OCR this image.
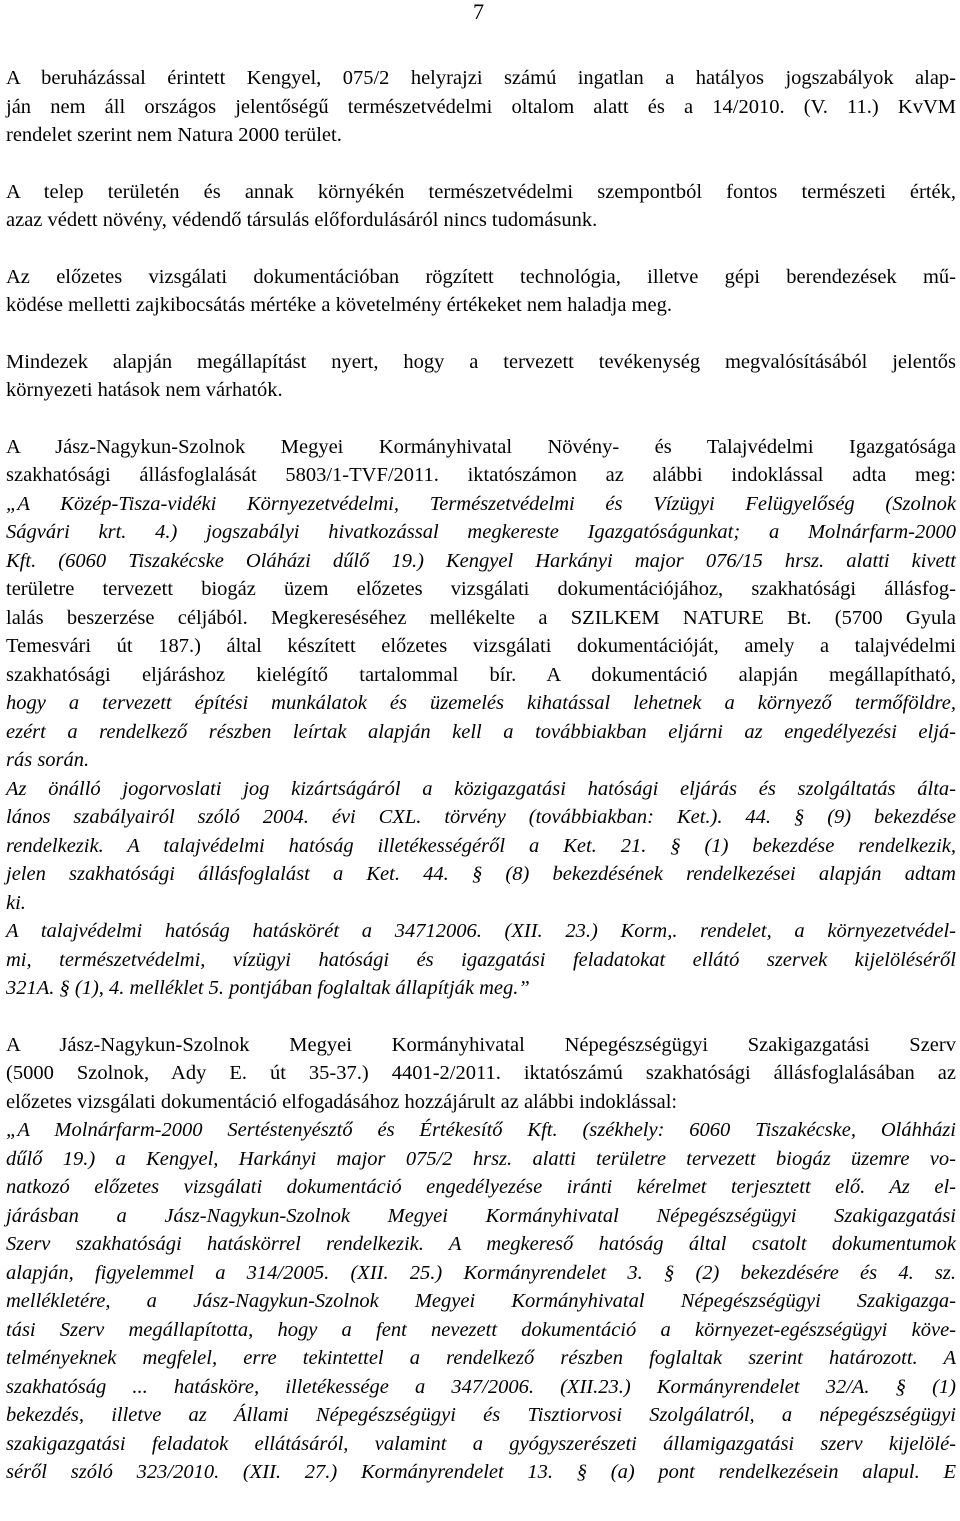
7
A beruházással érintett Kengyel, 075/2 helyrajzi számú ingatlan a hatályos jogszabályok alap-
ján nem áll országos jelentőségű természetvédelmi oltalom alatt és a 14/2010. (V. 11.) KvVM
rendelet szerint nem Natura 2000 terület.
A telep területén és annak környékén természetvédelmi szempontból fontos természeti érték,
azaz védett növény, védendő társulás előfordulásáról nincs tudomásunk.
Az előzetes vizsgálati dokumentációban rögzített technológia, illetve gépi berendezések mű-
ködése melletti zajkibocsátás mértéke a követelmény értékeket nem haladja meg.
Mindezek alapján megállapítást nyert, hogy a tervezett tevékenység megvalósításából jelentős
környezeti hatások nem várhatók.
A Jász-Nagykun-Szolnok Megyei Kormányhivatal Növény- és Talajvédelmi Igazgatósága
szakhatósági állásfoglalását 5803/1-TVF/2011. iktatószámon az alábbi indoklással adta meg:
„A Közép-Tisza-vidéki Környezetvédelmi, Természetvédelmi és Vízügyi Felügyelőség (Szolnok
Ságvári krt. 4.) jogszabályi hivatkozással megkereste Igazgatóságunkat; a Molnárfarm-2000
Kft. (6060 Tiszakécske Oláházi dűlő 19.) Kengyel Harkányi major 076/15 hrsz. alatti kivett
területre tervezett biogáz üzem előzetes vizsgálati dokumentációjához, szakhatósági állásfog-
lalás beszerzése céljából. Megkereséséhez mellékelte a SZILKEM NATURE Bt. (5700 Gyula
Temesvári út 187.) által készített előzetes vizsgálati dokumentációját, amely a talajvédelmi
szakhatósági eljáráshoz kielégítő tartalommal bír. A dokumentáció alapján megállapítható,
hogy a tervezett építési munkálatok és üzemelés kihatással lehetnek a környező termőföldre,
ezért a rendelkező részben leírtak alapján kell a továbbiakban eljárni az engedélyezési eljá-
rás során.
Az önálló jogorvoslati jog kizártságáról a közigazgatási hatósági eljárás és szolgáltatás álta-
lános szabályairól szóló 2004. évi CXL. törvény (továbbiakban: Ket.). 44. § (9) bekezdése
rendelkezik. A talajvédelmi hatóság illetékességéről a Ket. 21. § (1) bekezdése rendelkezik,
jelen szakhatósági állásfoglalást a Ket. 44. § (8) bekezdésének rendelkezései alapján adtam
ki.
A talajvédelmi hatóság hatáskörét a 34712006. (XII. 23.) Korm,. rendelet, a környezetvédel-
mi, természetvédelmi, vízügyi hatósági és igazgatási feladatokat ellátó szervek kijelöléséről
321A. § (1), 4. melléklet 5. pontjában foglaltak állapítják meg.”
A Jász-Nagykun-Szolnok Megyei Kormányhivatal Népegészségügyi Szakigazgatási Szerv
(5000 Szolnok, Ady E. út 35-37.) 4401-2/2011. iktatószámú szakhatósági állásfoglalásában az
előzetes vizsgálati dokumentáció elfogadásához hozzájárult az alábbi indoklással:
„A Molnárfarm-2000 Sertéstenyésztő és Értékesítő Kft. (székhely: 6060 Tiszakécske, Oláhházi
dűlő 19.) a Kengyel, Harkányi major 075/2 hrsz. alatti területre tervezett biogáz üzemre vo-
natkozó előzetes vizsgálati dokumentáció engedélyezése iránti kérelmet terjesztett elő. Az el-
járásban a Jász-Nagykun-Szolnok Megyei Kormányhivatal Népegészségügyi Szakigazgatási
Szerv szakhatósági hatáskörrel rendelkezik. A megkereső hatóság által csatolt dokumentumok
alapján, figyelemmel a 314/2005. (XII. 25.) Kormányrendelet 3. § (2) bekezdésére és 4. sz.
mellékletére, a Jász-Nagykun-Szolnok Megyei Kormányhivatal Népegészségügyi Szakigazga-
tási Szerv megállapította, hogy a fent nevezett dokumentáció a környezet-egészségügyi köve-
telményeknek megfelel, erre tekintettel a rendelkező részben foglaltak szerint határozott. A
szakhatóság ... hatásköre, illetékessége a 347/2006. (XII.23.) Kormányrendelet 32/A. § (1)
bekezdés, illetve az Állami Népegészségügyi és Tisztiorvosi Szolgálatról, a népegészségügyi
szakigazgatási feladatok ellátásáról, valamint a gyógyszerészeti államigazgatási szerv kijelölé-
séről szóló 323/2010. (XII. 27.) Kormányrendelet 13. § (a) pont rendelkezésein alapul. E
